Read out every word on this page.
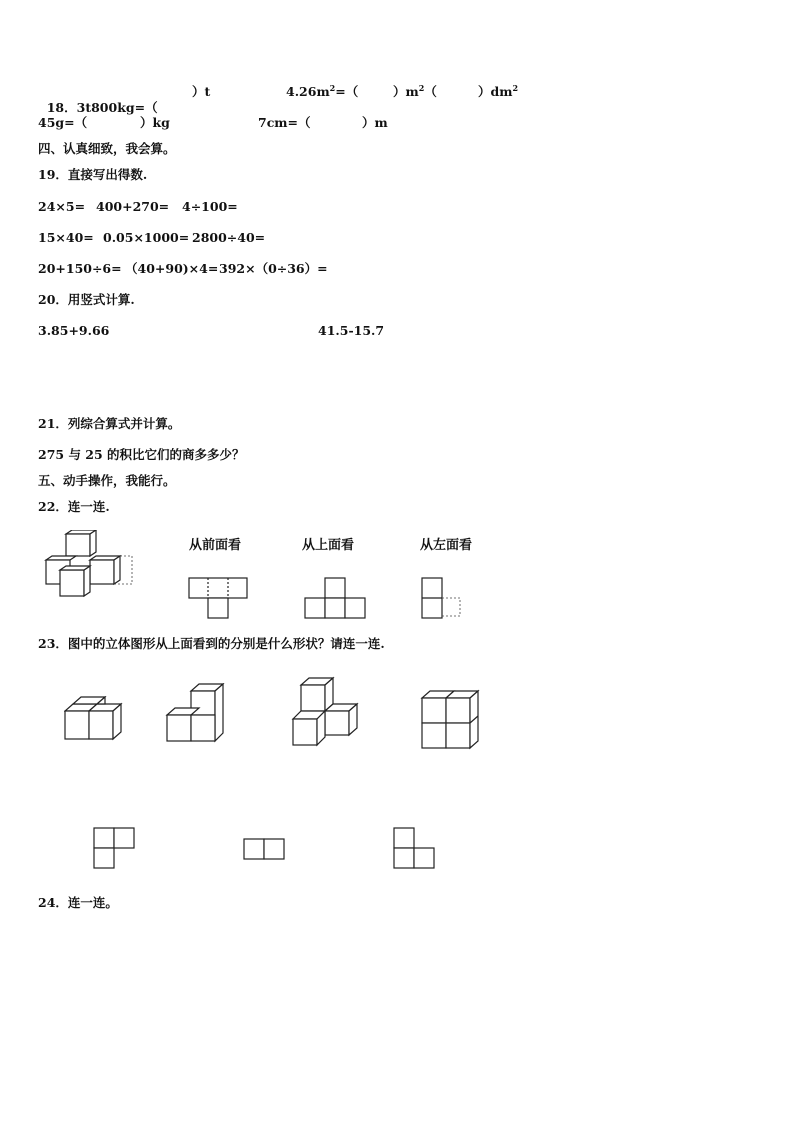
18．3t800kg=（

）t	$4.26m^2=$（	）$m^2$（	）$dm^2$
45g=（	）kg	7cm=（	）m
四、认真细致，我会算。
19．直接写出得数.
24×5= 400+270= 4÷100=
15×40= 0.05×1000= 2800÷40=
20+150÷6= （40+90)×4= 392×（0÷36）=
20．用竖式计算.
3.85+9.66	41.5-15.7
21．列综合算式并计算。
275 与 25 的积比它们的商多多少？
五、动手操作，我能行。
22．连一连.
从前面看	从上面看	从左面看
23．图中的立体图形从上面看到的分别是什么形状？请连一连.
24．连一连。
